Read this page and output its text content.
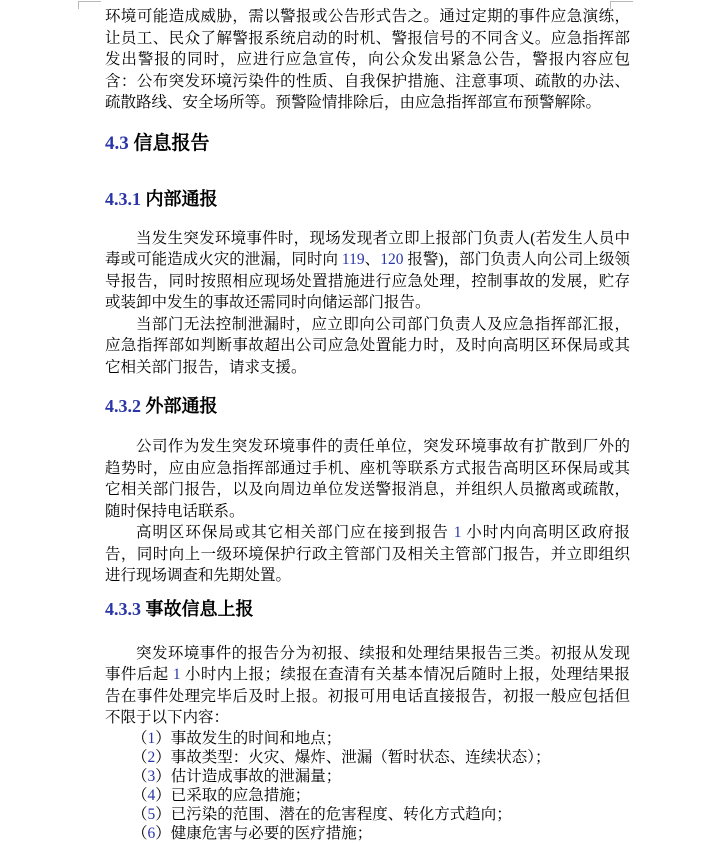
环境可能造成威胁，需以警报或公告形式告之。通过定期的事件应急演练，让员工、民众了解警报系统启动的时机、警报信号的不同含义。应急指挥部发出警报的同时，应进行应急宣传，向公众发出紧急公告，警报内容应包含：公布突发环境污染件的性质、自我保护措施、注意事项、疏散的办法、疏散路线、安全场所等。预警险情排除后，由应急指挥部宣布预警解除。

4.3 信息报告
4.3.1 内部通报

当发生突发环境事件时，现场发现者立即上报部门负责人(若发生人员中毒或可能造成火灾的泄漏，同时向 119、120 报警)，部门负责人向公司上级领导报告，同时按照相应现场处置措施进行应急处理，控制事故的发展，贮存或装卸中发生的事故还需同时向储运部门报告。

当部门无法控制泄漏时，应立即向公司部门负责人及应急指挥部汇报，应急指挥部如判断事故超出公司应急处置能力时，及时向高明区环保局或其它相关部门报告，请求支援。

4.3.2 外部通报

公司作为发生突发环境事件的责任单位，突发环境事故有扩散到厂外的趋势时，应由应急指挥部通过手机、座机等联系方式报告高明区环保局或其它相关部门报告，以及向周边单位发送警报消息，并组织人员撤离或疏散，随时保持电话联系。

高明区环保局或其它相关部门应在接到报告 1 小时内向高明区政府报告，同时向上一级环境保护行政主管部门及相关主管部门报告，并立即组织进行现场调查和先期处置。

4.3.3 事故信息上报

突发环境事件的报告分为初报、续报和处理结果报告三类。初报从发现事件后起 1 小时内上报；续报在查清有关基本情况后随时上报，处理结果报告在事件处理完毕后及时上报。初报可用电话直接报告，初报一般应包括但不限于以下内容：

（1）事故发生的时间和地点；

（2）事故类型：火灾、爆炸、泄漏（暂时状态、连续状态）；

（3）估计造成事故的泄漏量；

（4）已采取的应急措施；

（5）已污染的范围、潜在的危害程度、转化方式趋向；

（6）健康危害与必要的医疗措施；
